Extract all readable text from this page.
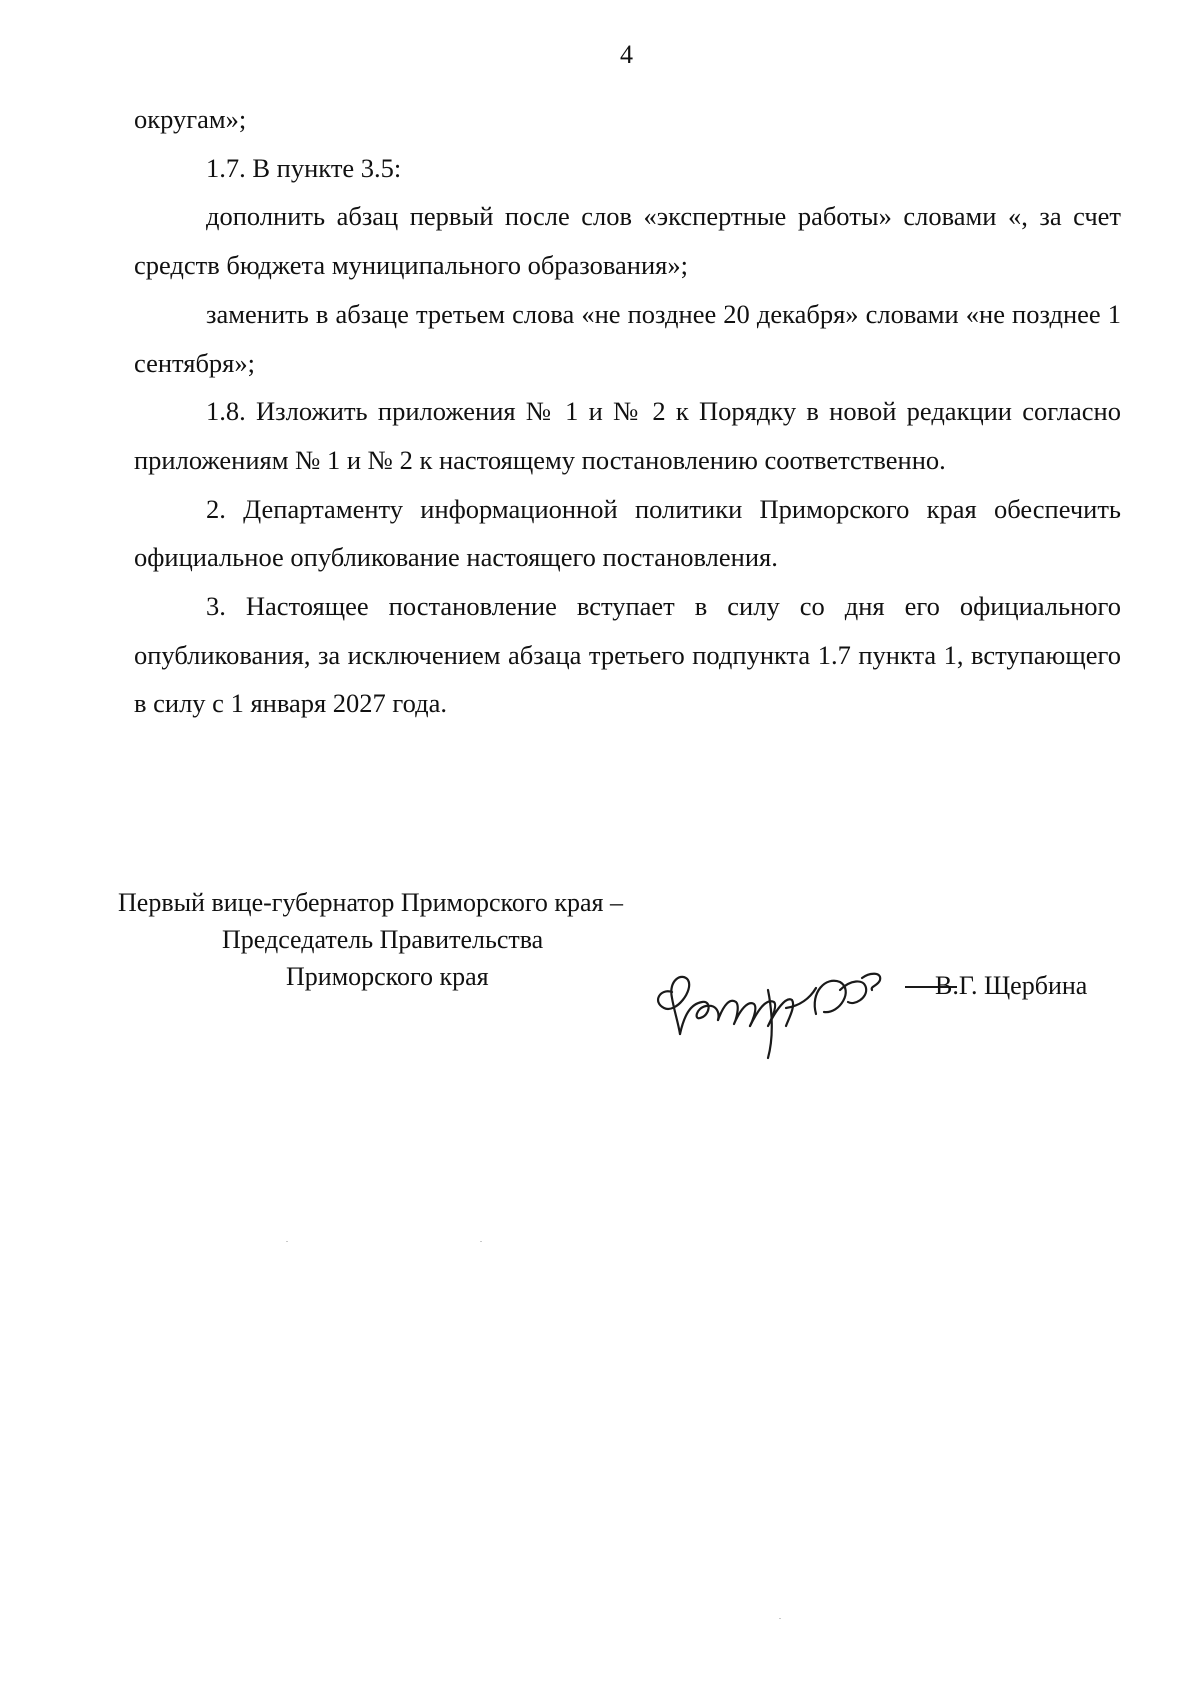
4

округам»;

1.7. В пункте 3.5:

дополнить абзац первый после слов «экспертные работы» словами «, за счет средств бюджета муниципального образования»;

заменить в абзаце третьем слова «не позднее 20 декабря» словами «не позднее 1 сентября»;

1.8. Изложить приложения № 1 и № 2 к Порядку в новой редакции согласно приложениям № 1 и № 2 к настоящему постановлению соответственно.

2. Департаменту информационной политики Приморского края обеспечить официальное опубликование настоящего постановления.

3. Настоящее постановление вступает в силу со дня его официального опубликования, за исключением абзаца третьего подпункта 1.7 пункта 1, вступающего в силу с 1 января 2027 года.

Первый вице-губернатор Приморского края –
Председатель Правительства
Приморского края	В.Г. Щербина
